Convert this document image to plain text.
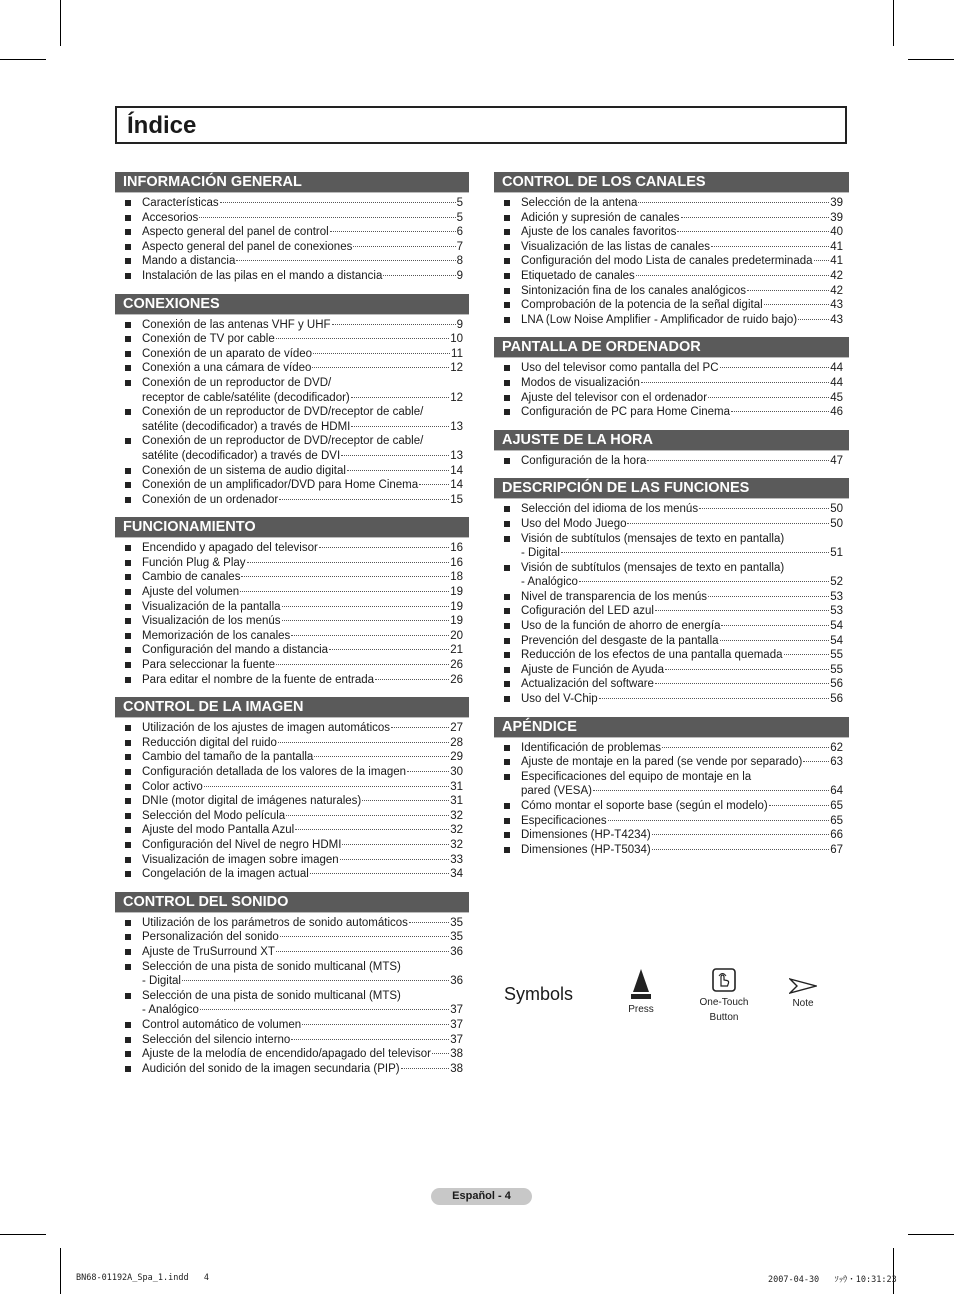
Índice
INFORMACIÓN GENERAL
Características	5
Accesorios	5
Aspecto general del panel de control	6
Aspecto general del panel de conexiones	7
Mando a distancia	8
Instalación de las pilas en el mando a distancia	9
CONEXIONES
Conexión de las antenas VHF y UHF	9
Conexión de TV por cable	10
Conexión de un aparato de vídeo	11
Conexión a una cámara de vídeo	12
Conexión de un reproductor de DVD/
receptor de cable/satélite (decodificador)	12
Conexión de un reproductor de DVD/receptor de cable/
satélite (decodificador) a través de HDMI	13
Conexión de un reproductor de DVD/receptor de cable/
satélite (decodificador) a través de DVI	13
Conexión de un sistema de audio digital	14
Conexión de un amplificador/DVD para Home Cinema	14
Conexión de un ordenador	15
FUNCIONAMIENTO
Encendido y apagado del televisor	16
Función Plug & Play	16
Cambio de canales	18
Ajuste del volumen	19
Visualización de la pantalla	19
Visualización de los menús	19
Memorización de los canales	20
Configuración del mando a distancia	21
Para seleccionar la fuente	26
Para editar el nombre de la fuente de entrada	26
CONTROL DE LA IMAGEN
Utilización de los ajustes de imagen automáticos	27
Reducción digital del ruido	28
Cambio del tamaño de la pantalla	29
Configuración detallada de los valores de la imagen	30
Color activo	31
DNIe (motor digital de imágenes naturales)	31
Selección del Modo película	32
Ajuste del modo Pantalla Azul	32
Configuración del Nivel de negro HDMI	32
Visualización de imagen sobre imagen	33
Congelación de la imagen actual	34
CONTROL DEL SONIDO
Utilización de los parámetros de sonido automáticos	35
Personalización del sonido	35
Ajuste de TruSurround XT	36
Selección de una pista de sonido multicanal (MTS)
- Digital	36
Selección de una pista de sonido multicanal (MTS)
- Analógico	37
Control automático de volumen	37
Selección del silencio interno	37
Ajuste de la melodía de encendido/apagado del televisor 38
Audición del sonido de la imagen secundaria (PIP)	38
CONTROL DE LOS CANALES
Selección de la antena	39
Adición y supresión de canales	39
Ajuste de los canales favoritos	40
Visualización de las listas de canales	41
Configuración del modo Lista de canales predeterminada 41
Etiquetado de canales	42
Sintonización fina de los canales analógicos	42
Comprobación de la potencia de la señal digital	43
LNA (Low Noise Amplifier - Amplificador de ruido bajo)	43
PANTALLA DE ORDENADOR
Uso del televisor como pantalla del PC	44
Modos de visualización	44
Ajuste del televisor con el ordenador	45
Configuración de PC para Home Cinema	46
AJUSTE DE LA HORA
Configuración de la hora	47
DESCRIPCIÓN DE LAS FUNCIONES
Selección del idioma de los menús	50
Uso del Modo Juego	50
Visión de subtítulos (mensajes de texto en pantalla)
- Digital	51
Visión de subtítulos (mensajes de texto en pantalla)
- Analógico	52
Nivel de transparencia de los menús	53
Cofiguración del LED azul	53
Uso de la función de ahorro de energía	54
Prevención del desgaste de la pantalla	54
Reducción de los efectos de una pantalla quemada	55
Ajuste de Función de Ayuda	55
Actualización del software	56
Uso del V-Chip	56
APÉNDICE
Identificación de problemas	62
Ajuste de montaje en la pared (se vende por separado) 63
Especificaciones del equipo de montaje en la
pared (VESA)	64
Cómo montar el soporte base (según el modelo)	65
Especificaciones	65
Dimensiones (HP-T4234)	66
Dimensiones (HP-T5034)	67
Symbols
Press
One-Touch
Button
Note
Español - 4
BN68-01192A_Spa_1.indd   4	2007-04-30   ｿｯｳ・10:31:23
